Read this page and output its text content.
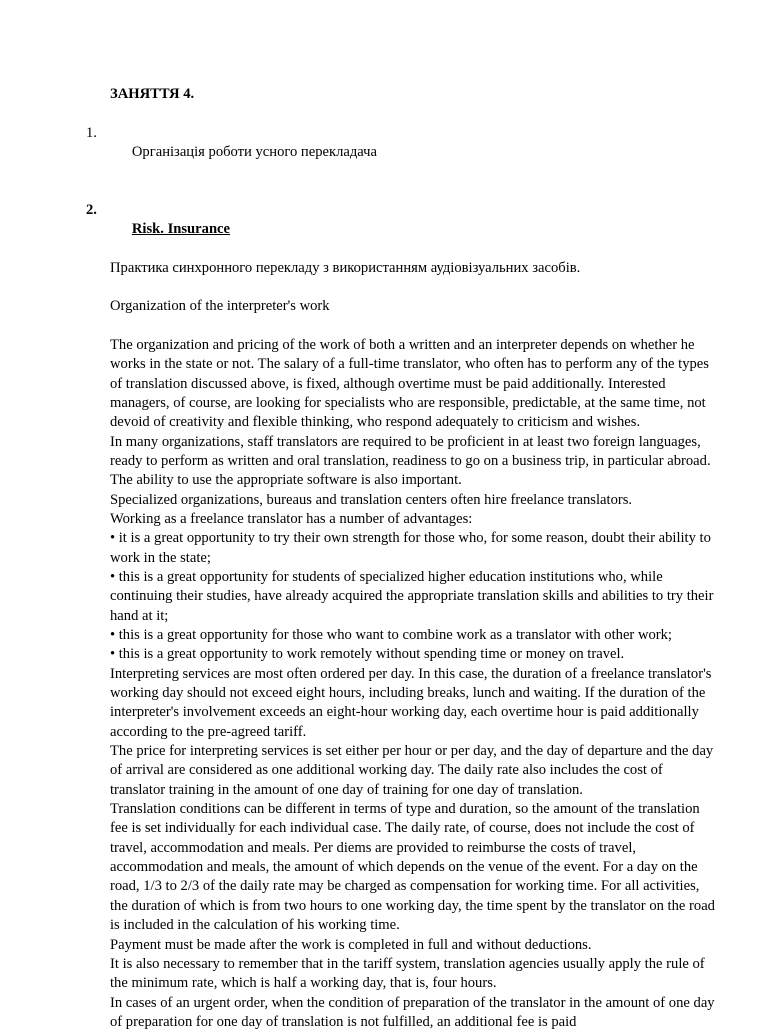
ЗАНЯТТЯ 4.

1.

Організація роботи усного перекладача

2.

Risk. Insurance

Практика синхронного перекладу з використанням аудіовізуальних засобів.
Organization of the interpreter's work

The organization and pricing of the work of both a written and an interpreter depends on whether he works in the state or not. The salary of a full-time translator, who often has to perform any of the types of translation discussed above, is fixed, although overtime must be paid additionally. Interested managers, of course, are looking for specialists who are responsible, predictable, at the same time, not devoid of creativity and flexible thinking, who respond adequately to criticism and wishes.

In many organizations, staff translators are required to be proficient in at least two foreign languages, ready to perform as written and oral translation, readiness to go on a business trip, in particular abroad. The ability to use the appropriate software is also important.

Specialized organizations, bureaus and translation centers often hire freelance translators.

Working as a freelance translator has a number of advantages:

• it is a great opportunity to try their own strength for those who, for some reason, doubt their ability to work in the state;

• this is a great opportunity for students of specialized higher education institutions who, while continuing their studies, have already acquired the appropriate translation skills and abilities to try their hand at it;

• this is a great opportunity for those who want to combine work as a translator with other work;

• this is a great opportunity to work remotely without spending time or money on travel.

Interpreting services are most often ordered per day. In this case, the duration of a freelance translator's working day should not exceed eight hours, including breaks, lunch and waiting. If the duration of the interpreter's involvement exceeds an eight-hour working day, each overtime hour is paid additionally according to the pre-agreed tariff.

The price for interpreting services is set either per hour or per day, and the day of departure and the day of arrival are considered as one additional working day. The daily rate also includes the cost of translator training in the amount of one day of training for one day of translation.

Translation conditions can be different in terms of type and duration, so the amount of the translation fee is set individually for each individual case. The daily rate, of course, does not include the cost of travel, accommodation and meals. Per diems are provided to reimburse the costs of travel, accommodation and meals, the amount of which depends on the venue of the event. For a day on the road, 1/3 to 2/3 of the daily rate may be charged as compensation for working time. For all activities, the duration of which is from two hours to one working day, the time spent by the translator on the road is included in the calculation of his working time.

Payment must be made after the work is completed in full and without deductions.

It is also necessary to remember that in the tariff system, translation agencies usually apply the rule of the minimum rate, which is half a working day, that is, four hours.

In cases of an urgent order, when the condition of preparation of the translator in the amount of one day of preparation for one day of translation is not fulfilled, an additional fee is paid
